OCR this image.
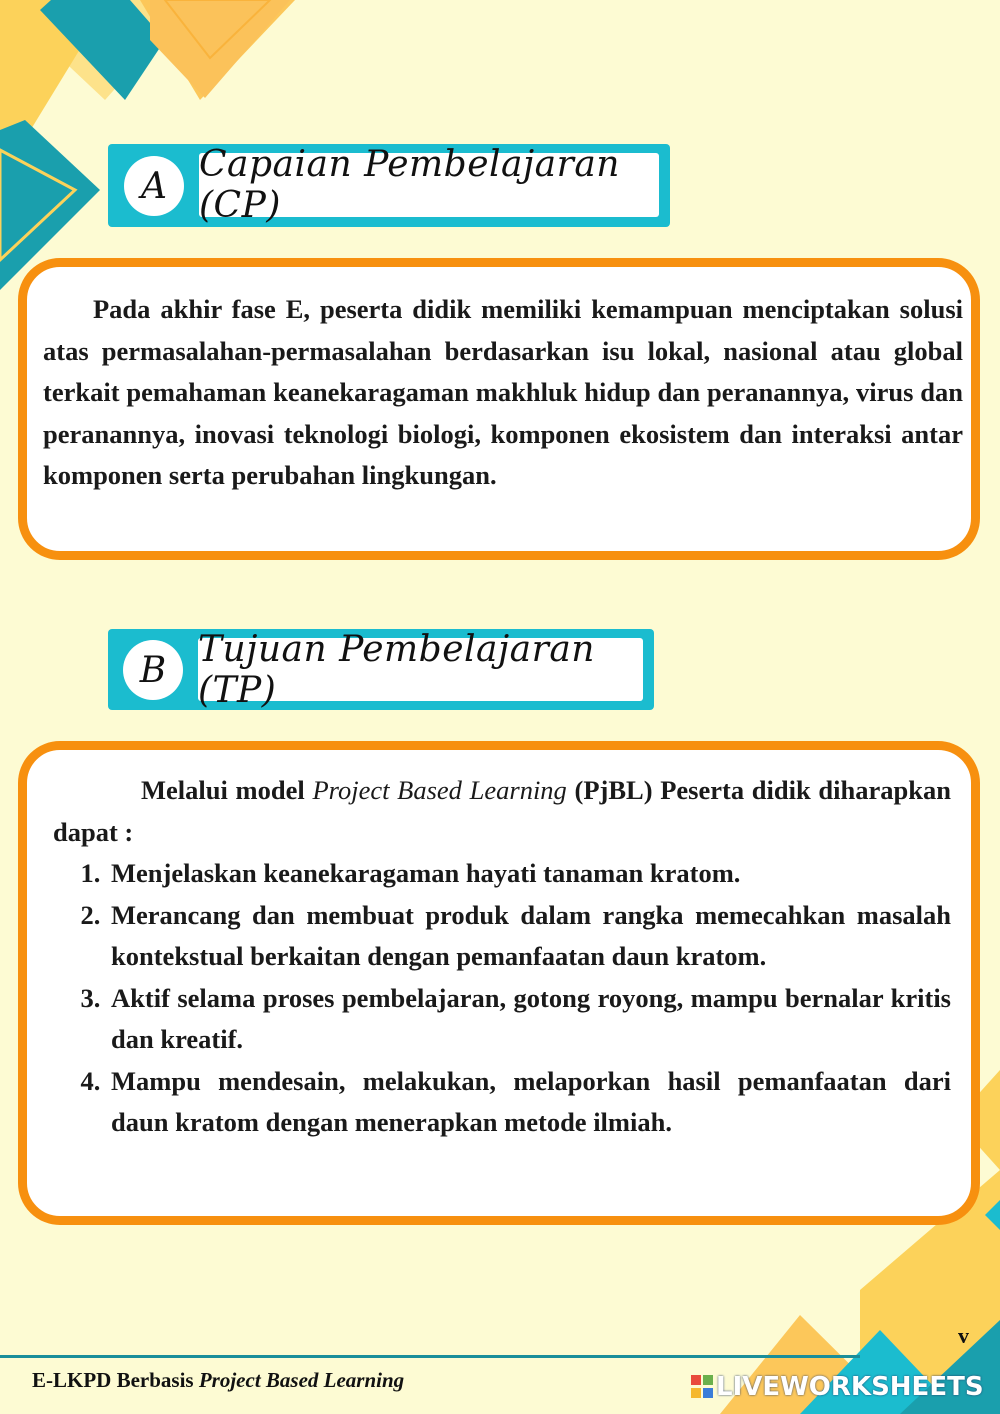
A
Capaian Pembelajaran (CP)

Pada akhir fase E, peserta didik memiliki kemampuan menciptakan solusi atas permasalahan-permasalahan berdasarkan isu lokal, nasional atau global terkait pemahaman keanekaragaman makhluk hidup dan peranannya, virus dan peranannya, inovasi teknologi biologi, komponen ekosistem dan interaksi antar komponen serta perubahan lingkungan.

B
Tujuan Pembelajaran (TP)

Melalui model Project Based Learning (PjBL) Peserta didik diharapkan dapat :

1. Menjelaskan keanekaragaman hayati tanaman kratom.
2. Merancang dan membuat produk dalam rangka memecahkan masalah kontekstual berkaitan dengan pemanfaatan daun kratom.
3. Aktif selama proses pembelajaran, gotong royong, mampu bernalar kritis dan kreatif.
4. Mampu mendesain, melakukan, melaporkan hasil pemanfaatan dari daun kratom dengan menerapkan metode ilmiah.
v
E-LKPD Berbasis Project Based Learning	LIVEWORKSHEETS
